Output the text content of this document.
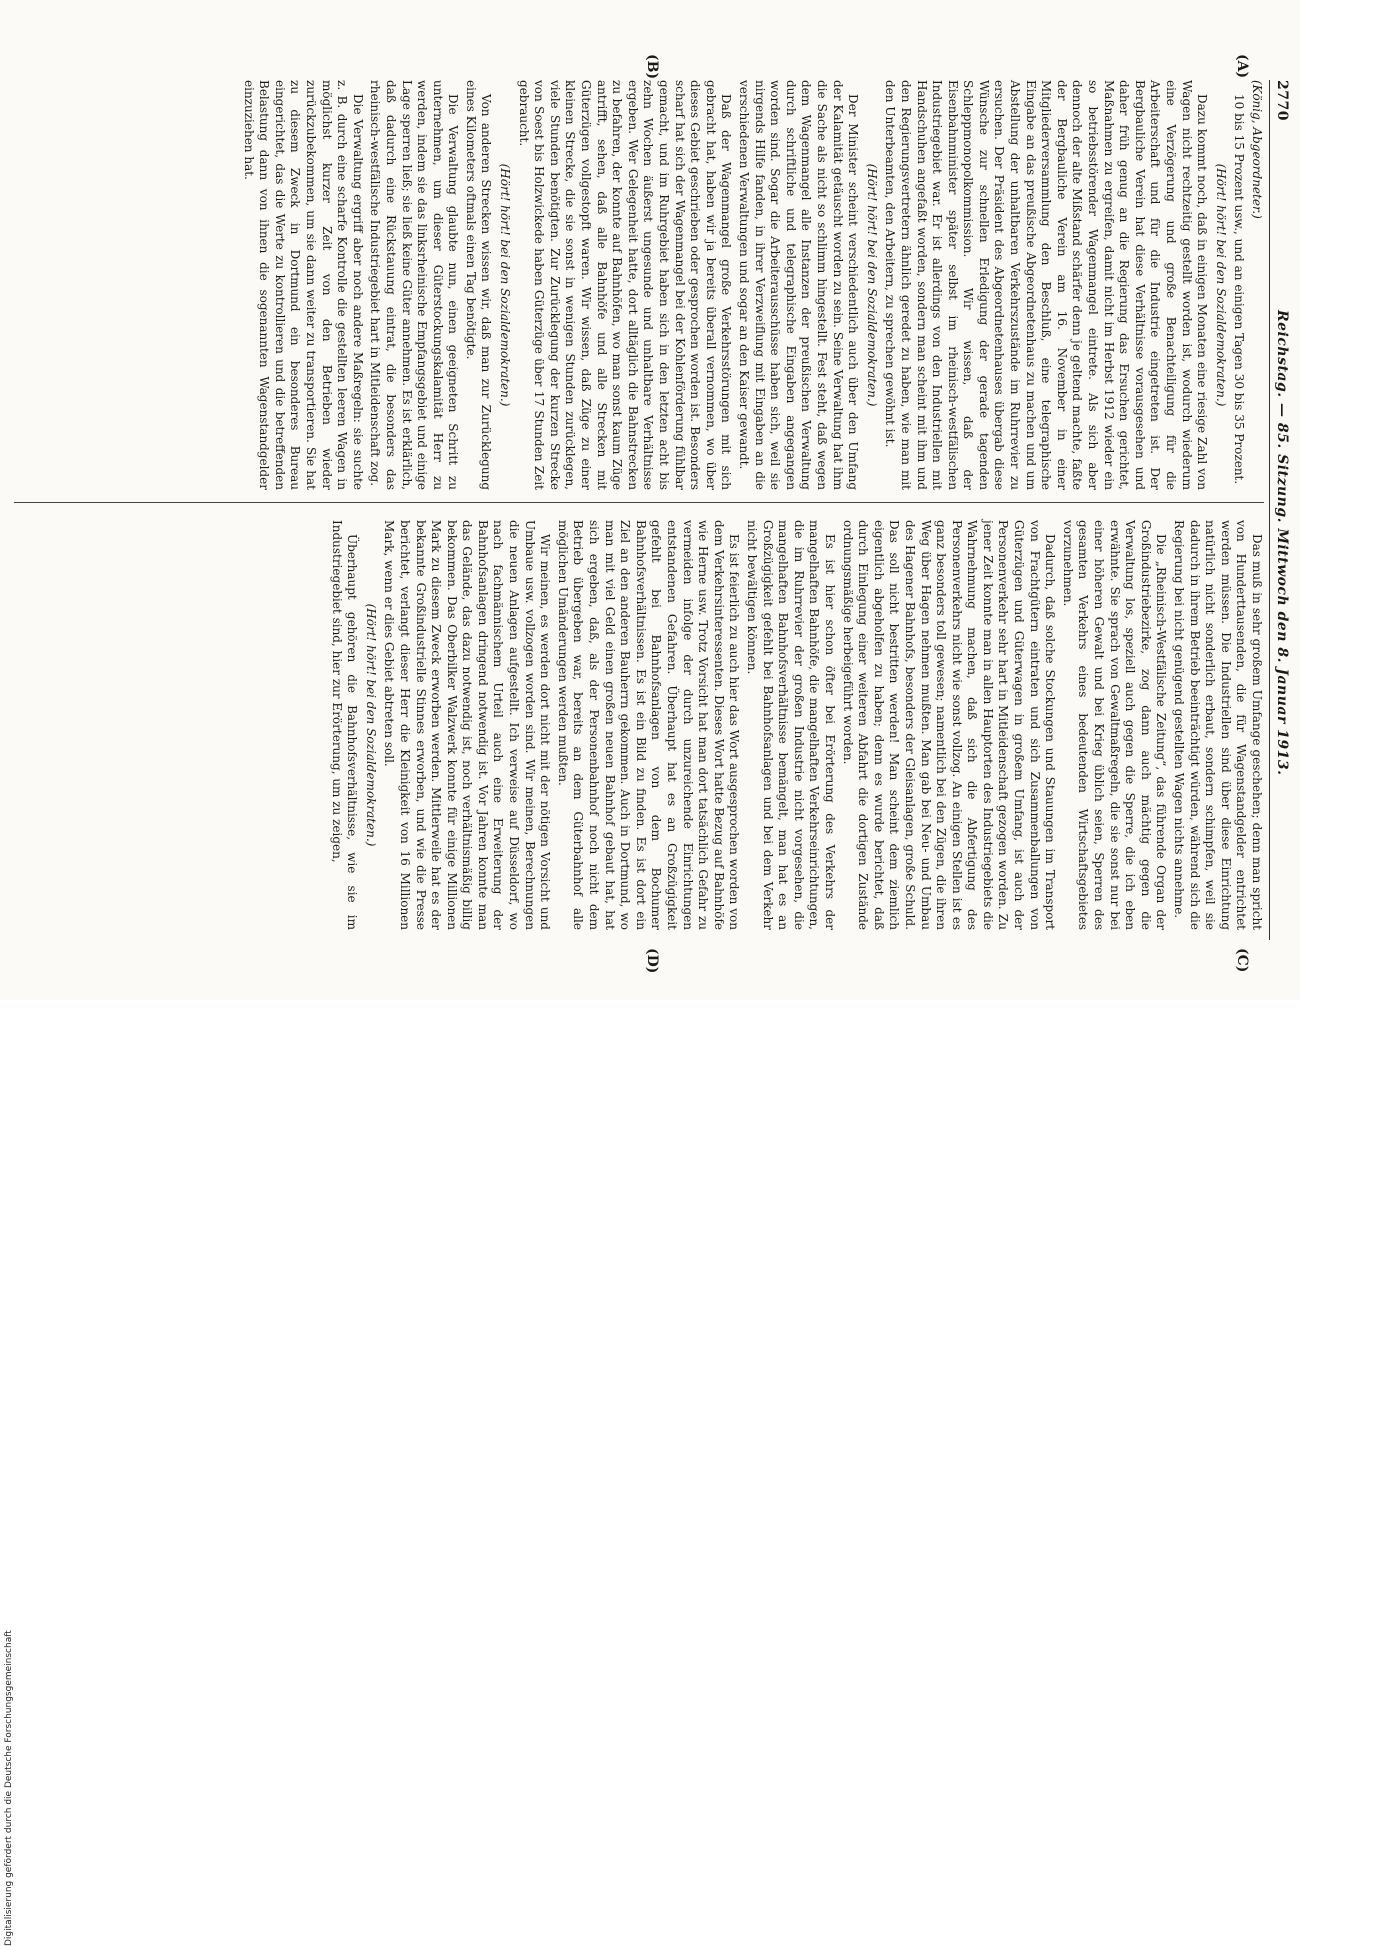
Digitalisierung gefördert durch die Deutsche Forschungsgemeinschaft
2770
Reichstag. — 85. Sitzung. Mittwoch den 8. Januar 1913.
(A)
(B)
(C)
(D)

(König, Abgeordneter.)

10 bis 15 Prozent usw., und an einigen Tagen 30 bis 35 Prozent.

(Hört! hört! bei den Sozialdemokraten.)

Dazu kommt noch, daß in einigen Monaten eine riesige Zahl von Wagen nicht rechtzeitig gestellt worden ist, wodurch wiederum eine Verzögerung und große Benachteiligung für die Arbeiterschaft und für die Industrie eingetreten ist. Der Bergbauliche Verein hat diese Verhältnisse vorausgesehen und daher früh genug an die Regierung das Ersuchen gerichtet, Maßnahmen zu ergreifen, damit nicht im Herbst 1912 wieder ein so betriebsstörender Wagenmangel eintrete. Als sich aber dennoch der alte Mißstand schärfer denn je geltend machte, faßte der Bergbauliche Verein am 16. November in einer Mitgliederversammlung den Beschluß, eine telegraphische Eingabe an das preußische Abgeordnetenhaus zu machen und um Abstellung der unhaltbaren Verkehrszustände im Ruhrrevier zu ersuchen. Der Präsident des Abgeordnetenhauses übergab diese Wünsche zur schnellen Erledigung der gerade tagenden Schleppmonopolkommission. Wir wissen, daß der Eisenbahnminister später selbst im rheinisch-westfälischen Industriegebiet war. Er ist allerdings von den Industriellen mit Handschuhen angefaßt worden, sondern man scheint mit ihm und den Regierungsvertretern ähnlich geredet zu haben, wie man mit den Unterbeamten, den Arbeitern, zu sprechen gewöhnt ist.

(Hört! hört! bei den Sozialdemokraten.)

Der Minister scheint verschiedentlich auch über den Umfang der Kalamität getäuscht worden zu sein. Seine Verwaltung hat ihm die Sache als nicht so schlimm hingestellt. Fest steht, daß wegen dem Wagenmangel alle Instanzen der preußischen Verwaltung durch schriftliche und telegraphische Eingaben angegangen worden sind. Sogar die Arbeiterausschüsse haben sich, weil sie nirgends Hilfe fanden, in ihrer Verzweiflung mit Eingaben an die verschiedenen Verwaltungen und sogar an den Kaiser gewandt.

Daß der Wagenmangel große Verkehrsstörungen mit sich gebracht hat, haben wir ja bereits überall vernommen, wo über dieses Gebiet geschrieben oder gesprochen worden ist. Besonders scharf hat sich der Wagenmangel bei der Kohlenförderung fühlbar gemacht, und im Ruhrgebiet haben sich in den letzten acht bis zehn Wochen äußerst ungesunde und unhaltbare Verhältnisse ergeben. Wer Gelegenheit hatte, dort alltäglich die Bahnstrecken zu befahren, der konnte auf Bahnhöfen, wo man sonst kaum Züge antrifft, sehen, daß alle Bahnhöfe und alle Strecken mit Güterzügen vollgestopft waren. Wir wissen, daß Züge zu einer kleinen Strecke, die sie sonst in wenigen Stunden zurücklegen, viele Stunden benötigten. Zur Zurücklegung der kurzen Strecke von Soest bis Holzwickede haben Güterzüge über 17 Stunden Zeit gebraucht.

(Hört! hört! bei den Sozialdemokraten.)

Von anderen Strecken wissen wir, daß man zur Zurücklegung eines Kilometers oftmals einen Tag benötigte.

Die Verwaltung glaubte nun, einen geeigneten Schritt zu unternehmen, um dieser Güterstockungskalamität Herr zu werden, indem sie das linksrheinische Empfangsgebiet und einige Lage sperren ließ; sie ließ keine Güter annehmen. Es ist erklärlich, daß dadurch eine Rückstauung eintrat, die besonders das rheinisch-westfälische Industriegebiet hart in Mitleidenschaft zog.

Die Verwaltung ergriff aber noch andere Maßregeln: sie suchte z. B. durch eine scharfe Kontrolle die gestellten leeren Wagen in möglichst kurzer Zeit von den Betrieben wieder zurückzubekommen, um sie dann weiter zu transportieren. Sie hat zu diesem Zweck in Dortmund ein besonderes Bureau eingerichtet, das die Werte zu kontrollieren und die betreffenden Belastung dann von ihnen die sogenannten Wagenstandgelder einzuziehen hat.

Das muß in sehr großem Umfange geschehen; denn man spricht von Hunderttausenden, die für Wagenstandgelder entrichtet werden müssen. Die Industriellen sind über diese Einrichtung natürlich nicht sonderlich erbaut, sondern schimpfen, weil sie dadurch in ihrem Betrieb beeinträchtigt würden, während sich die Regierung bei nicht genügend gestellten Wagen nichts annehme.

Die „Rheinisch-Westfälische Zeitung“, das führende Organ der Großindustriebezirke, zog dann auch mächtig gegen die Verwaltung los, speziell auch gegen die Sperre, die ich eben erwähnte. Sie sprach von Gewaltmaßregeln, die sie sonst nur bei einer höheren Gewalt und bei Krieg üblich seien, Sperren des gesamten Verkehrs eines bedeutenden Wirtschaftsgebietes vorzunehmen.

Dadurch, daß solche Stockungen und Stauungen im Transport von Frachtgütern eintraten und sich Zusammenballungen von Güterzügen und Güterwagen in großem Umfang, ist auch der Personenverkehr sehr hart in Mitleidenschaft gezogen worden. Zu jener Zeit konnte man in allen Hauptorten des Industriegebiets die Wahrnehmung machen, daß sich die Abfertigung des Personenverkehrs nicht wie sonst vollzog. An einigen Stellen ist es ganz besonders toll gewesen; namentlich bei den Zügen, die ihren Weg über Hagen nehmen mußten. Man gab bei Neu- und Umbau des Hagener Bahnhofs, besonders der Gleisanlagen, große Schuld. Das soll nicht bestritten werden! Man scheint dem ziemlich eigentlich abgeholfen zu haben; denn es wurde berichtet, daß durch Einlegung einer weiteren Abfahrt die dortigen Zustände ordnungsmäßige herbeigeführt worden.

Es ist hier schon öfter bei Erörterung des Verkehrs der mangelhaften Bahnhöfe, die mangelhaften Verkehrseinrichtungen, die im Ruhrrevier der großen Industrie nicht vorgesehen, die mangelhaften Bahnhofsverhältnisse bemängelt, man hat es an Großzügigkeit gefehlt bei Bahnhofsanlagen und bei dem Verkehr nicht bewältigen können.

Es ist feierlich zu auch hier das Wort ausgesprochen worden von dem Verkehrsinteressenten. Dieses Wort hatte Bezug auf Bahnhöfe wie Herne usw. Trotz Vorsicht hat man dort tatsächlich Gefahr zu vermeiden infolge der durch unzureichende Einrichtungen entstandenen Gefahren. Überhaupt hat es an Großzügigkeit gefehlt bei Bahnhofsanlagen von dem Bochumer Bahnhofsverhältnissen. Es ist ein Bild zu finden. Es ist dort ein Ziel an den anderen Bauherrn gekommen. Auch in Dortmund, wo man mit viel Geld einen großen neuen Bahnhof gebaut hat, hat sich ergeben, daß, als der Personenbahnhof noch nicht dem Betrieb übergeben war, bereits an dem Güterbahnhof alle möglichen Umänderungen werden mußten.

Wir meinen, es werden dort nicht mit der nötigen Vorsicht und Umbaue usw. vollzogen worden sind. Wir meinen, Berechnungen die neuen Anlagen aufgestellt. Ich verweise auf Düsseldorf, wo nach fachmännischem Urteil auch eine Erweiterung der Bahnhofsanlagen dringend notwendig ist. Vor Jahren konnte man das Gelände, das dazu notwendig ist, noch verhältnismäßig billig bekommen. Das Oberbilker Walzwerk konnte für einige Millionen Mark zu diesem Zweck erworben werden. Mittlerweile hat es der bekannte Großindustrielle Stinnes erworben, und wie die Presse berichtet, verlangt dieser Herr die Kleinigkeit von 16 Millionen Mark, wenn er dies Gebiet abtreten soll.

(Hört! hört! bei den Sozialdemokraten.)

Überhaupt gehören die Bahnhofsverhältnisse, wie sie im Industriegebiet sind, hier zur Erörterung, um zu zeigen,
